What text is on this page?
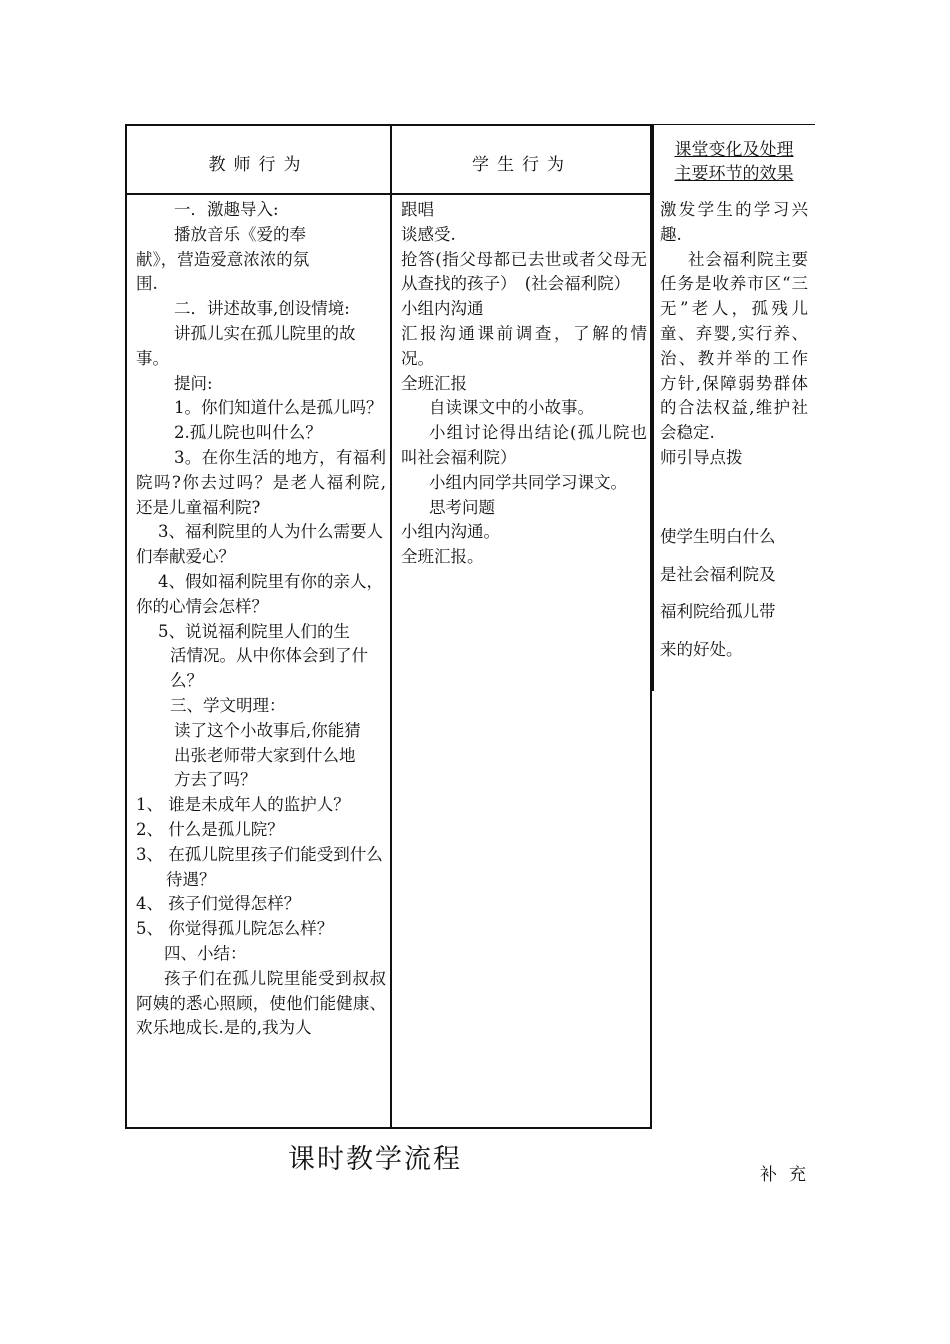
教师行为	学生行为
课堂变化及处理
主要环节的效果

一．激趣导入:

播放音乐《爱的奉献》，营造爱意浓浓的氛围.

二．讲述故事,创设情境:

讲孤儿实在孤儿院里的故事。

提问:

1。你们知道什么是孤儿吗？

2.孤儿院也叫什么？

3。在你生活的地方，有福利院吗?你去过吗？是老人福利院, 还是儿童福利院?

3、福利院里的人为什么需要人们奉献爱心？

4、假如福利院里有你的亲人，你的心情会怎样？

5、说说福利院里人们的生

活情况。从中你体会到了什么？

三、学文明理：

读了这个小故事后,你能猜出张老师带大家到什么地方去了吗？

1、 谁是未成年人的监护人？

2、 什么是孤儿院？

3、 在孤儿院里孩子们能受到什么待遇？

4、 孩子们觉得怎样？

5、 你觉得孤儿院怎么样？

四、小结：

孩子们在孤儿院里能受到叔叔阿姨的悉心照顾，使他们能健康、欢乐地成长.是的,我为人

跟唱

谈感受.

抢答(指父母都已去世或者父母无从查找的孩子）　(社会福利院）

小组内沟通

汇报沟通课前调查，了解的情况。

全班汇报

自读课文中的小故事。

小组讨论得出结论(孤儿院也叫社会福利院）

小组内同学共同学习课文。

思考问题

小组内沟通。

全班汇报。

激发学生的学习兴趣.

社会福利院主要任务是收养市区“三无”老人，孤残儿童、弃婴,实行养、治、教并举的工作方针,保障弱势群体的合法权益,维护社会稳定.

师引导点拨

使学生明白什么

是社会福利院及

福利院给孤儿带

来的好处。

课时教学流程	补充
